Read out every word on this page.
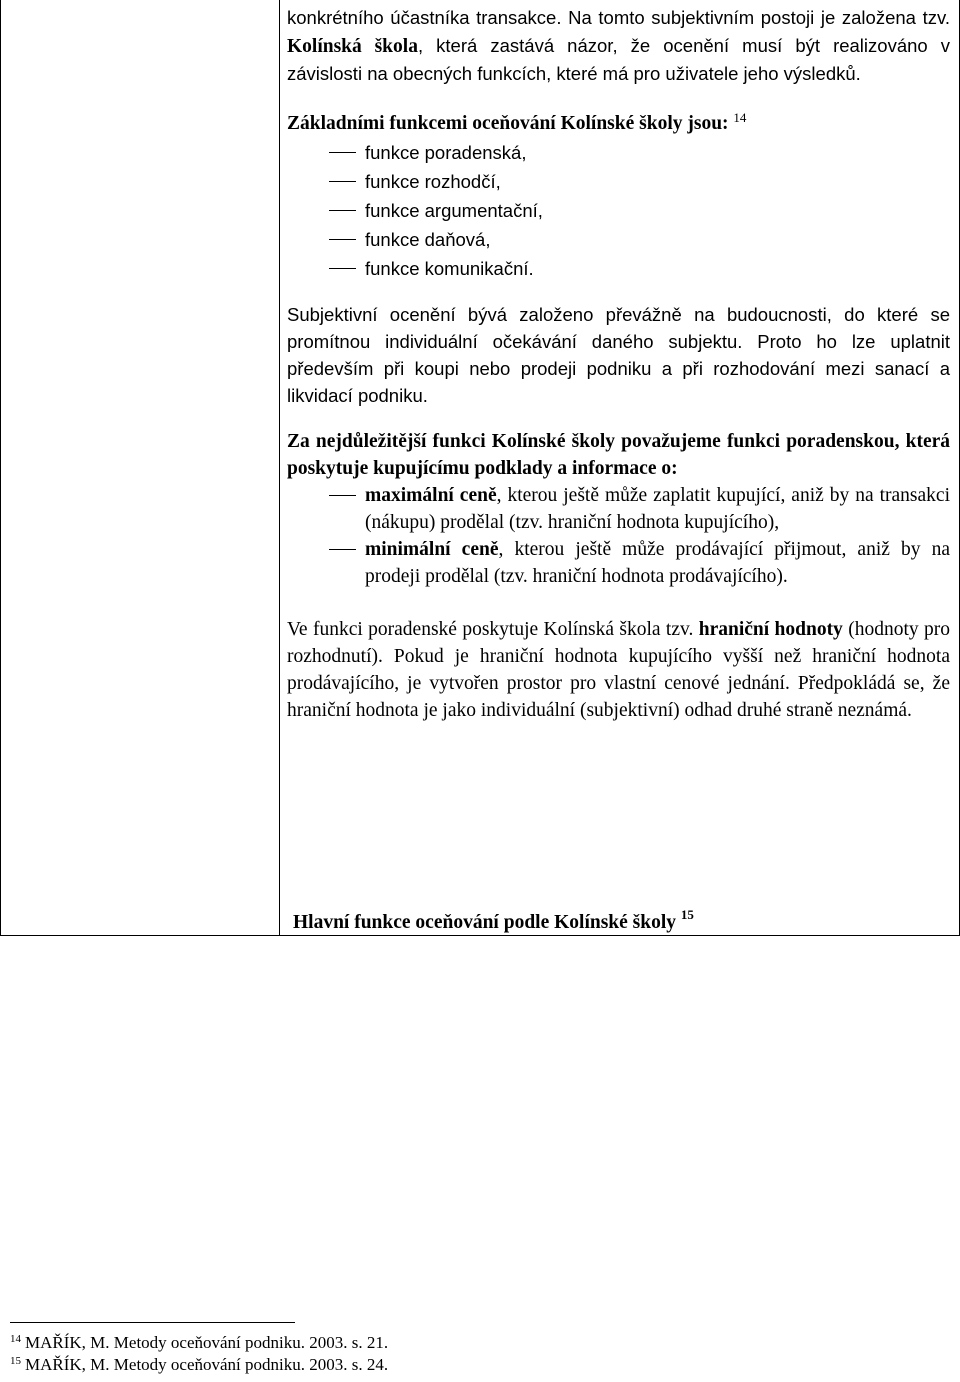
konkrétního účastníka transakce. Na tomto subjektivním postoji je založena tzv. Kolínská škola, která zastává názor, že ocenění musí být realizováno v závislosti na obecných funkcích, které má pro uživatele jeho výsledků.

Základními funkcemi oceňování Kolínské školy jsou: $^{14}$
funkce poradenská,
funkce rozhodčí,
funkce argumentační,
funkce daňová,
funkce komunikační.

Subjektivní ocenění bývá založeno převážně na budoucnosti, do které se promítnou individuální očekávání daného subjektu. Proto ho lze uplatnit především při koupi nebo prodeji podniku a při rozhodování mezi sanací a likvidací podniku.

Za nejdůležitější funkci Kolínské školy považujeme funkci poradenskou, která poskytuje kupujícímu podklady a informace o:

maximální ceně, kterou ještě může zaplatit kupující, aniž by na transakci (nákupu) prodělal (tzv. hraniční hodnota kupujícího),
minimální ceně, kterou ještě může prodávající přijmout, aniž by na prodeji prodělal (tzv. hraniční hodnota prodávajícího).

Ve funkci poradenské poskytuje Kolínská škola tzv. hraniční hodnoty (hodnoty pro rozhodnutí). Pokud je hraniční hodnota kupujícího vyšší než hraniční hodnota prodávajícího, je vytvořen prostor pro vlastní cenové jednání. Předpokládá se, že hraniční hodnota je jako individuální (subjektivní) odhad druhé straně neznámá.

Hlavní funkce oceňování podle Kolínské školy $^{15}$
$^{14}$ MAŘÍK, M. Metody oceňování podniku. 2003. s. 21.
$^{15}$ MAŘÍK, M. Metody oceňování podniku. 2003. s. 24.
